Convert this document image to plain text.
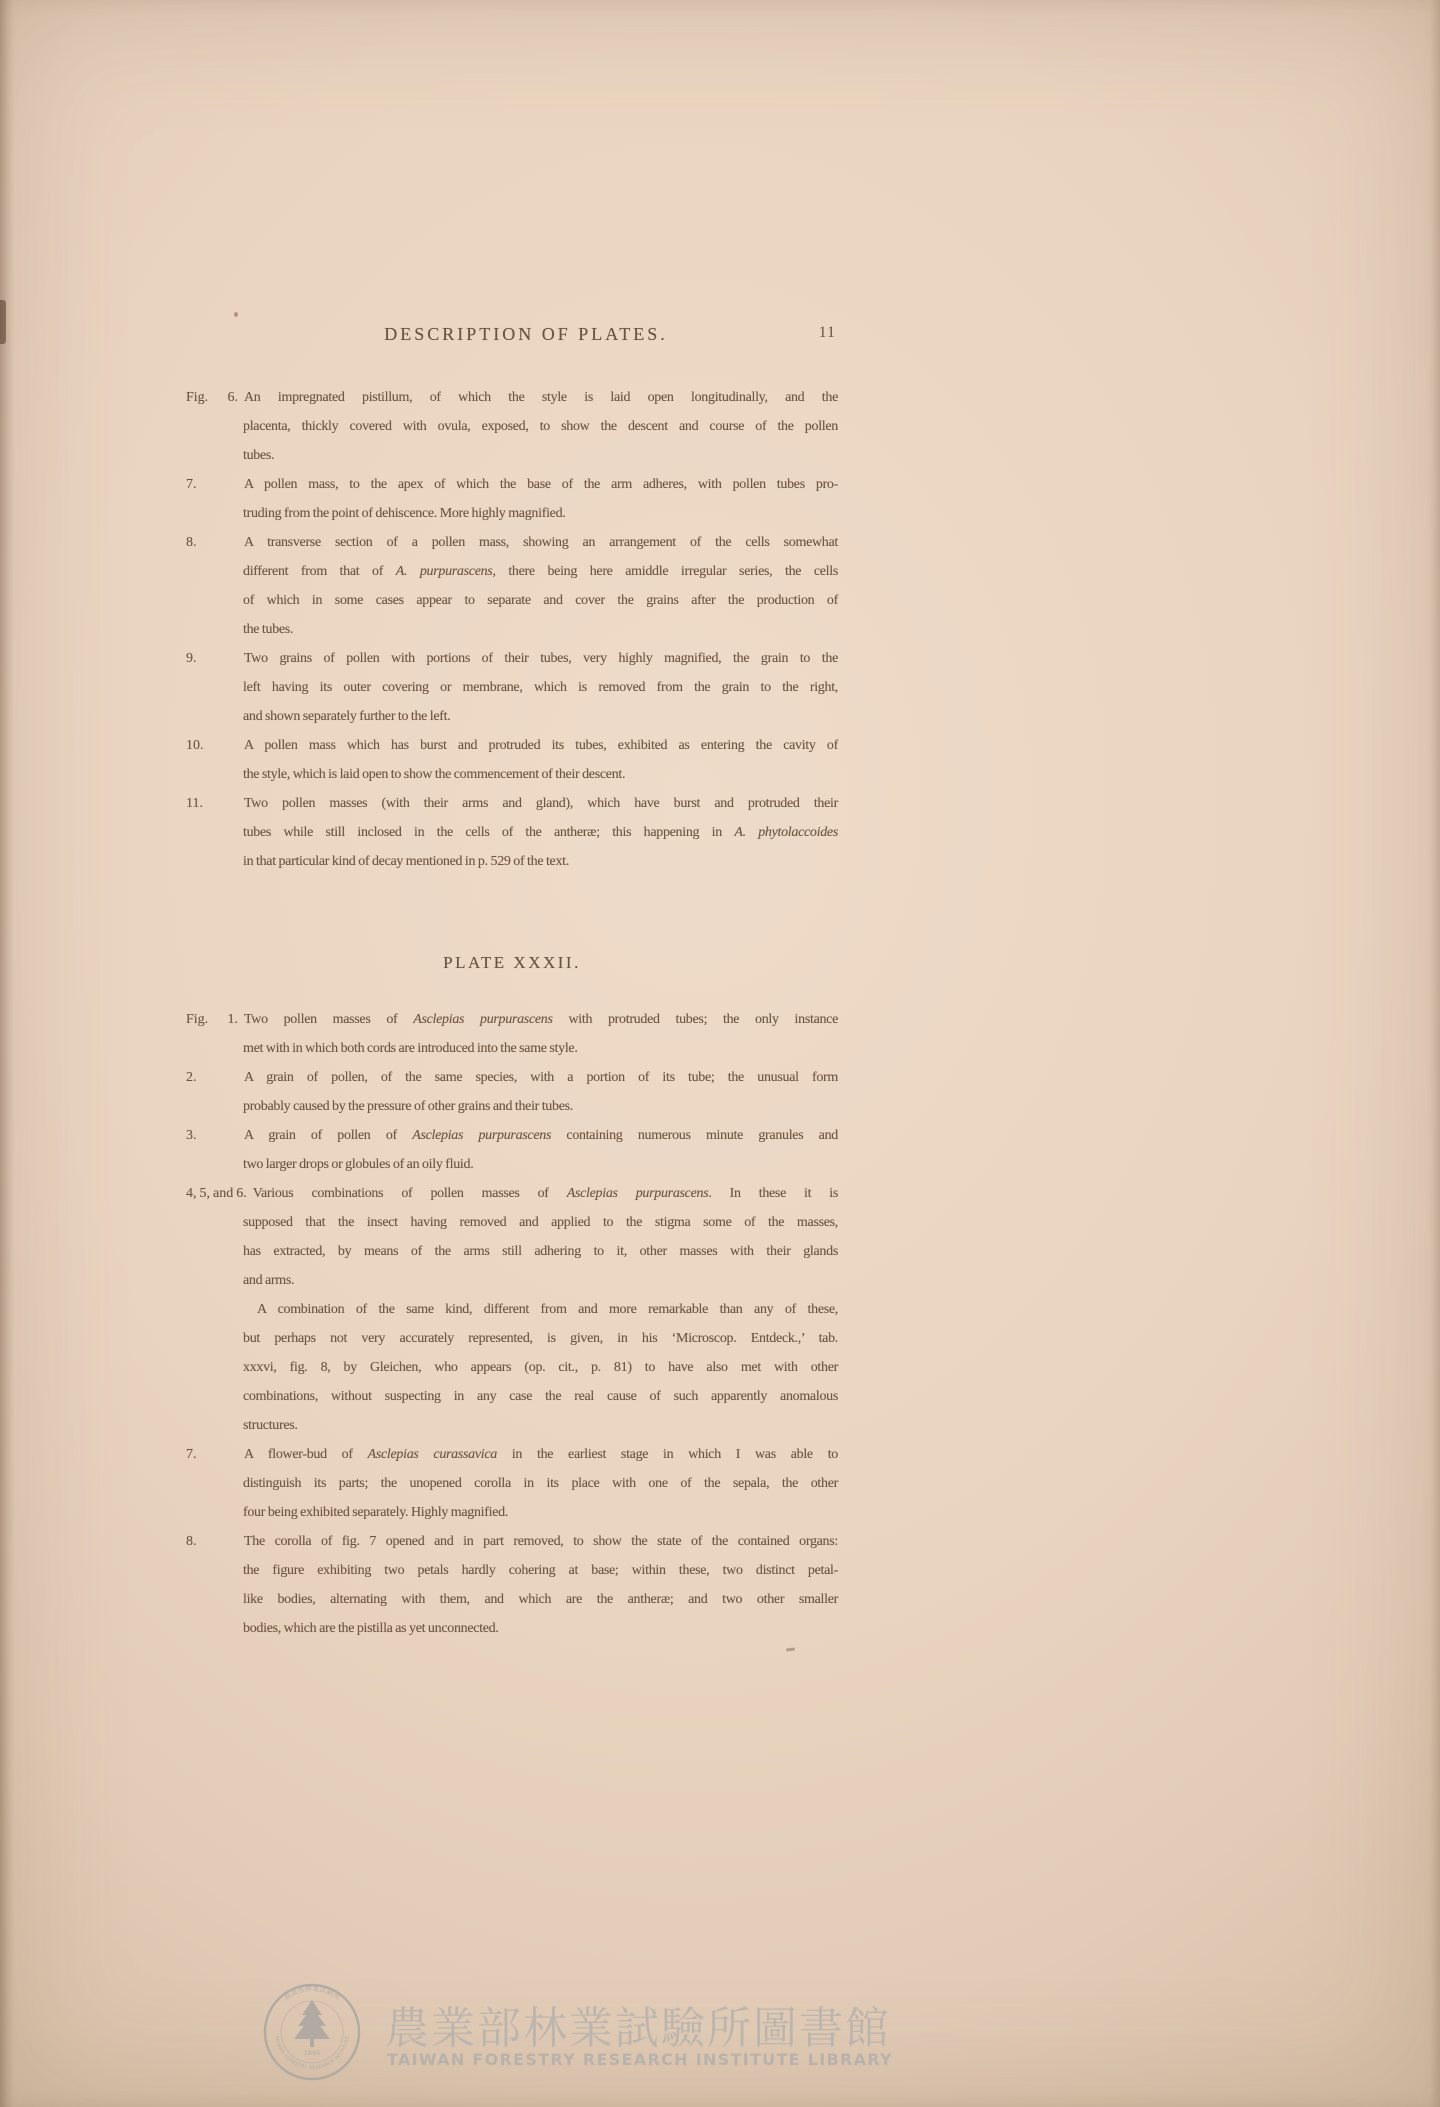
DESCRIPTION OF PLATES.	11
Fig. 6. An impregnated pistillum, of which the style is laid open longitudinally, and the
placenta, thickly covered with ovula, exposed, to show the descent and course of the pollen
tubes.
7.	A pollen mass, to the apex of which the base of the arm adheres, with pollen tubes pro-
truding from the point of dehiscence. More highly magnified.
8.	A transverse section of a pollen mass, showing an arrangement of the cells somewhat
different from that of A. purpurascens, there being here amiddle irregular series, the cells
of which in some cases appear to separate and cover the grains after the production of
the tubes.
9.	Two grains of pollen with portions of their tubes, very highly magnified, the grain to the
left having its outer covering or membrane, which is removed from the grain to the right,
and shown separately further to the left.
10.	A pollen mass which has burst and protruded its tubes, exhibited as entering the cavity of
the style, which is laid open to show the commencement of their descent.
11.	Two pollen masses (with their arms and gland), which have burst and protruded their
tubes while still inclosed in the cells of the antheræ; this happening in A. phytolaccoides
in that particular kind of decay mentioned in p. 529 of the text.
PLATE XXXII.
Fig. 1. Two pollen masses of Asclepias purpurascens with protruded tubes; the only instance
met with in which both cords are introduced into the same style.
2.	A grain of pollen, of the same species, with a portion of its tube; the unusual form
probably caused by the pressure of other grains and their tubes.
3.	A grain of pollen of Asclepias purpurascens containing numerous minute granules and
two larger drops or globules of an oily fluid.
4, 5, and 6. Various combinations of pollen masses of Asclepias purpurascens. In these it is
supposed that the insect having removed and applied to the stigma some of the masses,
has extracted, by means of the arms still adhering to it, other masses with their glands
and arms.
A combination of the same kind, different from and more remarkable than any of these,
but perhaps not very accurately represented, is given, in his ‘Microscop. Entdeck.,’ tab.
xxxvi, fig. 8, by Gleichen, who appears (op. cit., p. 81) to have also met with other
combinations, without suspecting in any case the real cause of such apparently anomalous
structures.
7.	A flower-bud of Asclepias curassavica in the earliest stage in which I was able to
distinguish its parts; the unopened corolla in its place with one of the sepala, the other
four being exhibited separately. Highly magnified.
8.	The corolla of fig. 7 opened and in part removed, to show the state of the contained organs:
the figure exhibiting two petals hardly cohering at base; within these, two distinct petal-
like bodies, alternating with them, and which are the antheræ; and two other smaller
bodies, which are the pistilla as yet unconnected.
農業部林業試驗所
TAIWAN FORESTRY RESEARCH INSTITUTE
1895 農業部林業試驗所圖書館
TAIWAN FORESTRY RESEARCH INSTITUTE LIBRARY
